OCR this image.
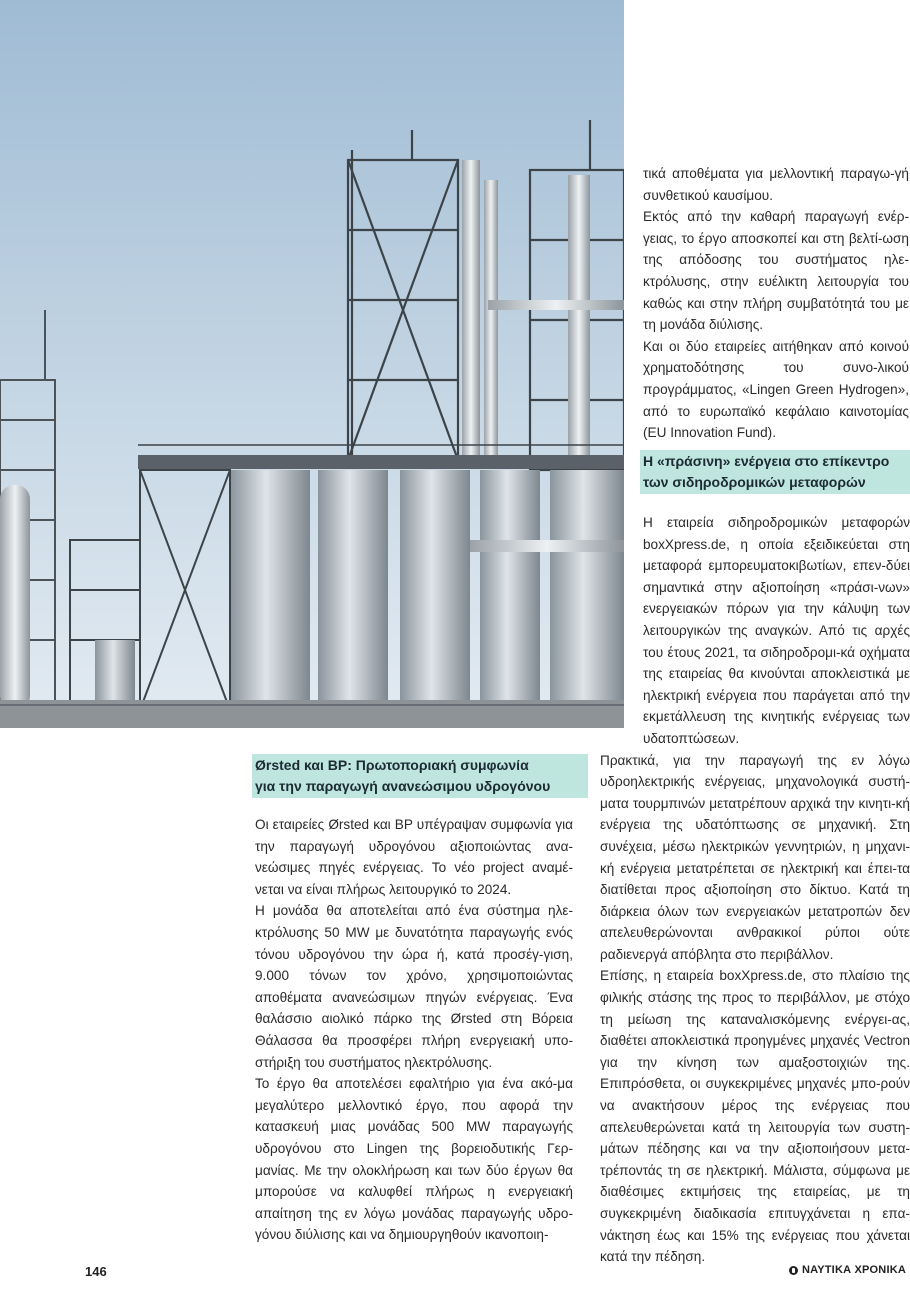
τικά αποθέματα για μελλοντική παραγω-γή συνθετικού καυσίμου.

Εκτός από την καθαρή παραγωγή ενέρ-γειας, το έργο αποσκοπεί και στη βελτί-ωση της απόδοσης του συστήματος ηλε-κτρόλυσης, στην ευέλικτη λειτουργία του καθώς και στην πλήρη συμβατότητά του με τη μονάδα διύλισης.

Και οι δύο εταιρείες αιτήθηκαν από κοινού χρηματοδότησης του συνο-λικού προγράμματος, «Lingen Green Hydrogen», από το ευρωπαϊκό κεφάλαιο καινοτομίας (EU Innovation Fund).

Η «πράσινη» ενέργεια στο επίκεντρο
των σιδηροδρομικών μεταφορών

Η εταιρεία σιδηροδρομικών μεταφορών boxXpress.de, η οποία εξειδικεύεται στη μεταφορά εμπορευματοκιβωτίων, επεν-δύει σημαντικά στην αξιοποίηση «πράσι-νων» ενεργειακών πόρων για την κάλυψη των λειτουργικών της αναγκών. Από τις αρχές του έτους 2021, τα σιδηροδρομι-κά οχήματα της εταιρείας θα κινούνται αποκλειστικά με ηλεκτρική ενέργεια που παράγεται από την εκμετάλλευση της κινητικής ενέργειας των υδατοπτώσεων.

Πρακτικά, για την παραγωγή της εν λόγω υδροηλεκτρικής ενέργειας, μηχανολογικά συστή-ματα τουρμπινών μετατρέπουν αρχικά την κινητι-κή ενέργεια της υδατόπτωσης σε μηχανική. Στη συνέχεια, μέσω ηλεκτρικών γεννητριών, η μηχανι-κή ενέργεια μετατρέπεται σε ηλεκτρική και έπει-τα διατίθεται προς αξιοποίηση στο δίκτυο. Κατά τη διάρκεια όλων των ενεργειακών μετατροπών δεν απελευθερώνονται ανθρακικοί ρύποι ούτε ραδιενεργά απόβλητα στο περιβάλλον.

Επίσης, η εταιρεία boxXpress.de, στο πλαίσιο της φιλικής στάσης της προς το περιβάλλον, με στόχο τη μείωση της καταναλισκόμενης ενέργει-ας, διαθέτει αποκλειστικά προηγμένες μηχανές Vectron για την κίνηση των αμαξοστοιχιών της. Επιπρόσθετα, οι συγκεκριμένες μηχανές μπο-ρούν να ανακτήσουν μέρος της ενέργειας που απελευθερώνεται κατά τη λειτουργία των συστη-μάτων πέδησης και να την αξιοποιήσουν μετα-τρέποντάς τη σε ηλεκτρική. Μάλιστα, σύμφωνα με διαθέσιμες εκτιμήσεις της εταιρείας, με τη συγκεκριμένη διαδικασία επιτυγχάνεται η επα-νάκτηση έως και 15% της ενέργειας που χάνεται κατά την πέδηση.

Ørsted και BP: Πρωτοποριακή συμφωνία
για την παραγωγή ανανεώσιμου υδρογόνου

Οι εταιρείες Ørsted και BP υπέγραψαν συμφωνία για την παραγωγή υδρογόνου αξιοποιώντας ανα-νεώσιμες πηγές ενέργειας. Το νέο project αναμέ-νεται να είναι πλήρως λειτουργικό το 2024.

Η μονάδα θα αποτελείται από ένα σύστημα ηλε-κτρόλυσης 50 MW με δυνατότητα παραγωγής ενός τόνου υδρογόνου την ώρα ή, κατά προσέγ-γιση, 9.000 τόνων τον χρόνο, χρησιμοποιώντας αποθέματα ανανεώσιμων πηγών ενέργειας. Ένα θαλάσσιο αιολικό πάρκο της Ørsted στη Βόρεια Θάλασσα θα προσφέρει πλήρη ενεργειακή υπο-στήριξη του συστήματος ηλεκτρόλυσης.

Το έργο θα αποτελέσει εφαλτήριο για ένα ακό-μα μεγαλύτερο μελλοντικό έργο, που αφορά την κατασκευή μιας μονάδας 500 MW παραγωγής υδρογόνου στο Lingen της βορειοδυτικής Γερ-μανίας. Με την ολοκλήρωση και των δύο έργων θα μπορούσε να καλυφθεί πλήρως η ενεργειακή απαίτηση της εν λόγω μονάδας παραγωγής υδρο-γόνου διύλισης και να δημιουργηθούν ικανοποιη-

146	ΝΑΥΤΙΚΑ ΧΡΟΝΙΚΑ
